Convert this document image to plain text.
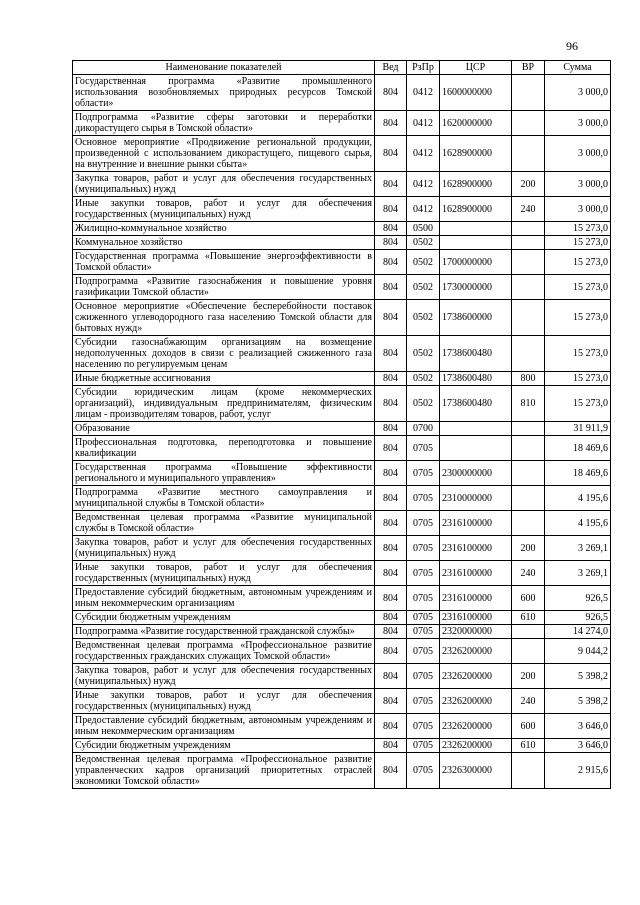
96
Наименование показателей	Вед	РзПр	ЦСР	ВР	Сумма
Государственная программа «Развитие промышленного использования возобновляемых природных ресурсов Томской области»	804	0412	1600000000		3 000,0
Подпрограмма «Развитие сферы заготовки и переработки дикорастущего сырья в Томской области»	804	0412	1620000000		3 000,0
Основное мероприятие «Продвижение региональной продукции, произведенной с использованием дикорастущего, пищевого сырья, на внутренние и внешние рынки сбыта»	804	0412	1628900000		3 000,0
Закупка товаров, работ и услуг для обеспечения государственных (муниципальных) нужд	804	0412	1628900000	200	3 000,0
Иные закупки товаров, работ и услуг для обеспечения государственных (муниципальных) нужд	804	0412	1628900000	240	3 000,0
Жилищно-коммунальное хозяйство	804	0500			15 273,0
Коммунальное хозяйство	804	0502			15 273,0
Государственная программа «Повышение энергоэффективности в Томской области»	804	0502	1700000000		15 273,0
Подпрограмма «Развитие газоснабжения и повышение уровня газификации Томской области»	804	0502	1730000000		15 273,0
Основное мероприятие «Обеспечение бесперебойности поставок сжиженного углеводородного газа населению Томской области для бытовых нужд»	804	0502	1738600000		15 273,0
Субсидии газоснабжающим организациям на возмещение недополученных доходов в связи с реализацией сжиженного газа населению по регулируемым ценам	804	0502	1738600480		15 273,0
Иные бюджетные ассигнования	804	0502	1738600480	800	15 273,0
Субсидии юридическим лицам (кроме некоммерческих организаций), индивидуальным предпринимателям, физическим лицам - производителям товаров, работ, услуг	804	0502	1738600480	810	15 273,0
Образование	804	0700			31 911,9
Профессиональная подготовка, переподготовка и повышение квалификации	804	0705			18 469,6
Государственная программа «Повышение эффективности регионального и муниципального управления»	804	0705	2300000000		18 469,6
Подпрограмма «Развитие местного самоуправления и муниципальной службы в Томской области»	804	0705	2310000000		4 195,6
Ведомственная целевая программа «Развитие муниципальной службы в Томской области»	804	0705	2316100000		4 195,6
Закупка товаров, работ и услуг для обеспечения государственных (муниципальных) нужд	804	0705	2316100000	200	3 269,1
Иные закупки товаров, работ и услуг для обеспечения государственных (муниципальных) нужд	804	0705	2316100000	240	3 269,1
Предоставление субсидий бюджетным, автономным учреждениям и иным некоммерческим организациям	804	0705	2316100000	600	926,5
Субсидии бюджетным учреждениям	804	0705	2316100000	610	926,5
Подпрограмма «Развитие государственной гражданской службы»	804	0705	2320000000		14 274,0
Ведомственная целевая программа «Профессиональное развитие государственных гражданских служащих Томской области»	804	0705	2326200000		9 044,2
Закупка товаров, работ и услуг для обеспечения государственных (муниципальных) нужд	804	0705	2326200000	200	5 398,2
Иные закупки товаров, работ и услуг для обеспечения государственных (муниципальных) нужд	804	0705	2326200000	240	5 398,2
Предоставление субсидий бюджетным, автономным учреждениям и иным некоммерческим организациям	804	0705	2326200000	600	3 646,0
Субсидии бюджетным учреждениям	804	0705	2326200000	610	3 646,0
Ведомственная целевая программа «Профессиональное развитие управленческих кадров организаций приоритетных отраслей экономики Томской области»	804	0705	2326300000		2 915,6
